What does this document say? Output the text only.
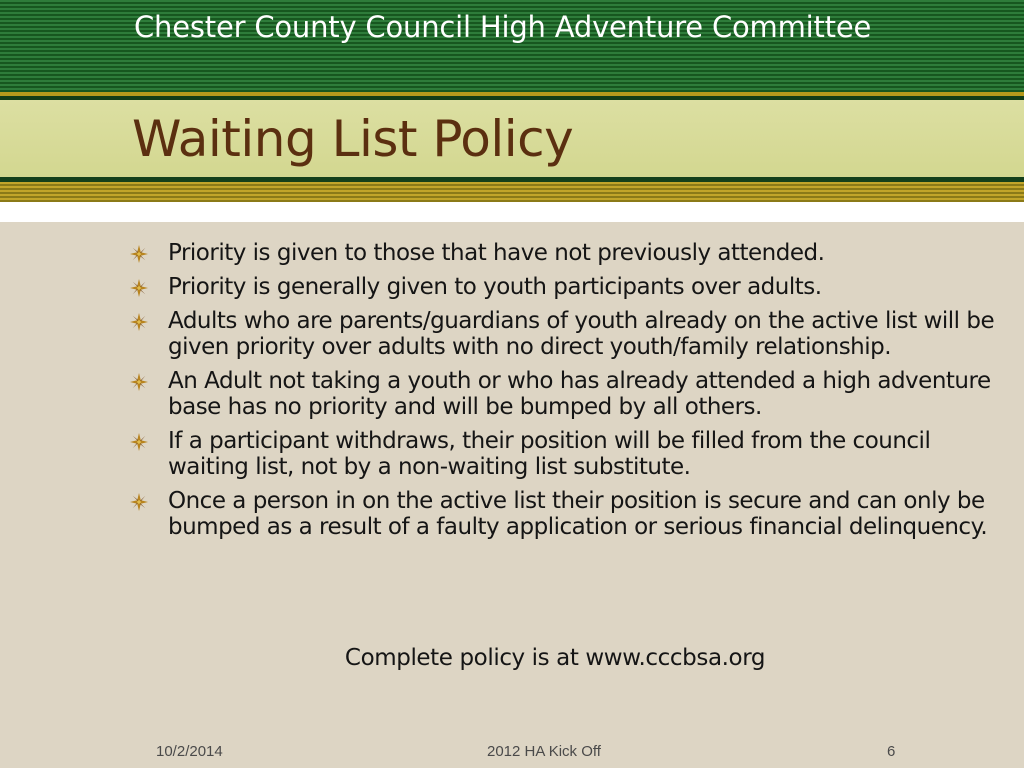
Chester County Council High Adventure Committee
Waiting List Policy
Priority is given to those that have not previously attended.
Priority is generally given to youth participants over adults.
Adults who are parents/guardians of youth already on the active list will be given priority over adults with no direct youth/family relationship.
An Adult not taking a youth or who has already attended a high adventure base has no priority and will be bumped by all others.
If a participant withdraws, their position will be filled from the council waiting list, not by a non-waiting list substitute.
Once a person in on the active list their position is secure and can only be bumped as a result of a faulty application or serious financial delinquency.
Complete policy is at www.cccbsa.org
10/2/2014	2012 HA Kick Off	6
